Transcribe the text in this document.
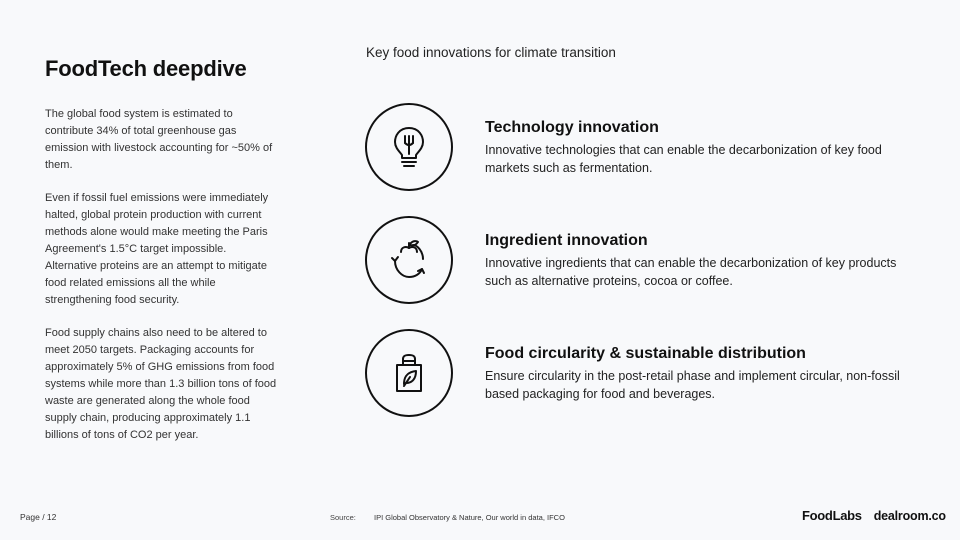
FoodTech deepdive

The global food system is estimated to contribute 34% of total greenhouse gas emission with livestock accounting for ~50% of them.

Even if fossil fuel emissions were immediately halted, global protein production with current methods alone would make meeting the Paris Agreement's 1.5°C target impossible. Alternative proteins are an attempt to mitigate food related emissions all the while strengthening food security.

Food supply chains also need to be altered to meet 2050 targets. Packaging accounts for approximately 5% of GHG emissions from food systems while more than 1.3 billion tons of food waste are generated along the whole food supply chain, producing approximately 1.1 billions of tons of CO2 per year.

Key food innovations for climate transition

Technology innovation

Innovative technologies that can enable the decarbonization of key food markets such as fermentation.

Ingredient innovation

Innovative ingredients that can enable the decarbonization of key products such as alternative proteins, cocoa or coffee.

Food circularity & sustainable distribution

Ensure circularity in the post-retail phase and implement circular, non-fossil based packaging for food and beverages.

Page / 12	Source: IPI Global Observatory & Nature, Our world in data, IFCO	FoodLabs dealroom.co
